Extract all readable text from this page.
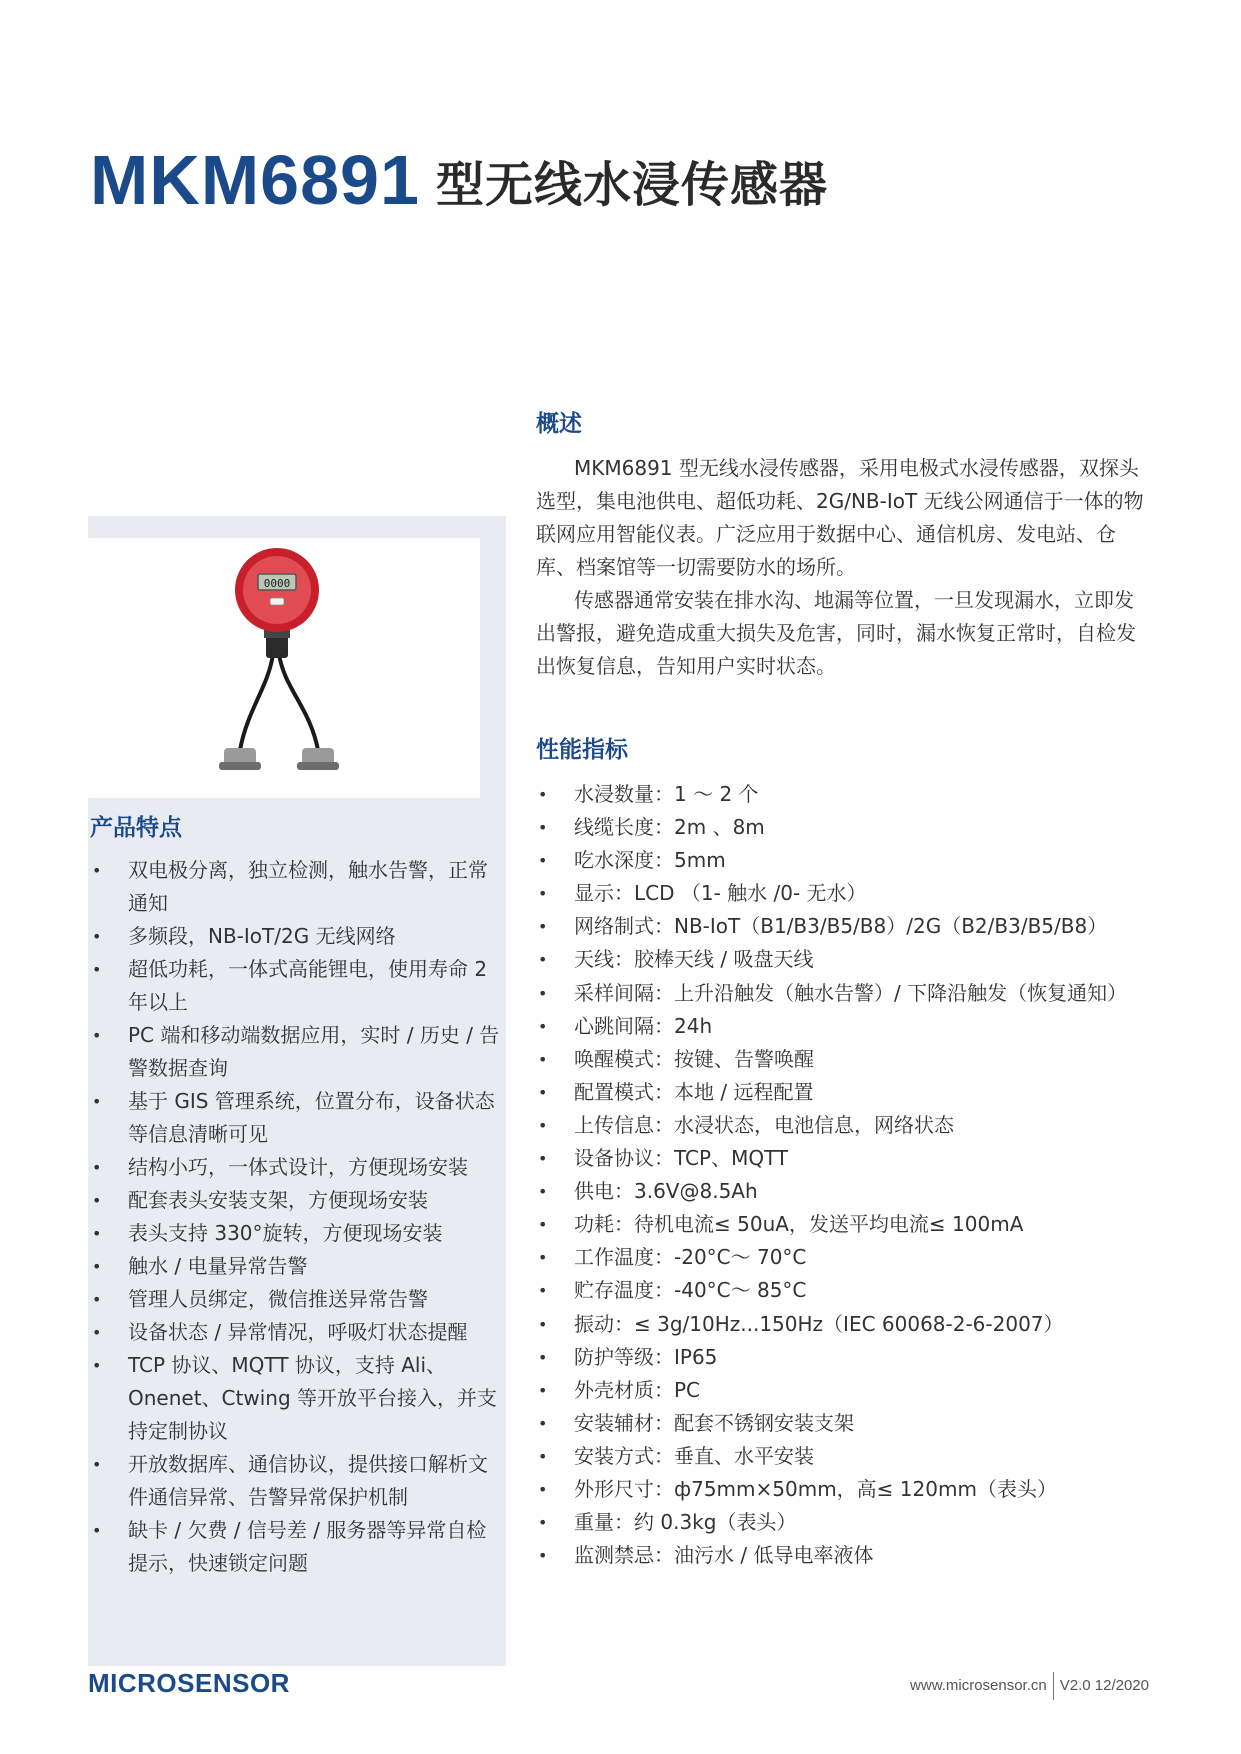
MKM6891 型无线水浸传感器
0000
产品特点
• 双电极分离，独立检测，触水告警，正常通知
• 多频段，NB-IoT/2G 无线网络
• 超低功耗，一体式高能锂电，使用寿命 2 年以上
• PC 端和移动端数据应用，实时 / 历史 / 告警数据查询
• 基于 GIS 管理系统，位置分布，设备状态等信息清晰可见
• 结构小巧，一体式设计，方便现场安装
• 配套表头安装支架，方便现场安装
• 表头支持 330°旋转，方便现场安装
• 触水 / 电量异常告警
• 管理人员绑定，微信推送异常告警
• 设备状态 / 异常情况，呼吸灯状态提醒
• TCP 协议、MQTT 协议，支持 Ali、Onenet、Ctwing 等开放平台接入，并支持定制协议
• 开放数据库、通信协议，提供接口解析文件通信异常、告警异常保护机制
• 缺卡 / 欠费 / 信号差 / 服务器等异常自检提示，快速锁定问题
概述

MKM6891 型无线水浸传感器，采用电极式水浸传感器，双探头选型，集电池供电、超低功耗、2G/NB-IoT 无线公网通信于一体的物联网应用智能仪表。广泛应用于数据中心、通信机房、发电站、仓库、档案馆等一切需要防水的场所。

传感器通常安装在排水沟、地漏等位置，一旦发现漏水，立即发出警报，避免造成重大损失及危害，同时，漏水恢复正常时，自检发出恢复信息，告知用户实时状态。

性能指标
• 水浸数量：1 ～ 2 个
• 线缆长度：2m 、8m
• 吃水深度：5mm
• 显示：LCD （1- 触水 /0- 无水）
• 网络制式：NB-IoT（B1/B3/B5/B8）/2G（B2/B3/B5/B8）
• 天线：胶棒天线 / 吸盘天线
• 采样间隔：上升沿触发（触水告警）/ 下降沿触发（恢复通知）
• 心跳间隔：24h
• 唤醒模式：按键、告警唤醒
• 配置模式：本地 / 远程配置
• 上传信息：水浸状态，电池信息，网络状态
• 设备协议：TCP、MQTT
• 供电：3.6V@8.5Ah
• 功耗：待机电流≤ 50uA，发送平均电流≤ 100mA
• 工作温度：-20°C～ 70°C
• 贮存温度：-40°C～ 85°C
• 振动：≤ 3g/10Hz...150Hz（IEC 60068-2-6-2007）
• 防护等级：IP65
• 外壳材质：PC
• 安装辅材：配套不锈钢安装支架
• 安装方式：垂直、水平安装
• 外形尺寸：ф75mm×50mm，高≤ 120mm（表头）
• 重量：约 0.3kg（表头）
• 监测禁忌：油污水 / 低导电率液体
MICROSENSOR	www.microsensor.cn V2.0 12/2020
